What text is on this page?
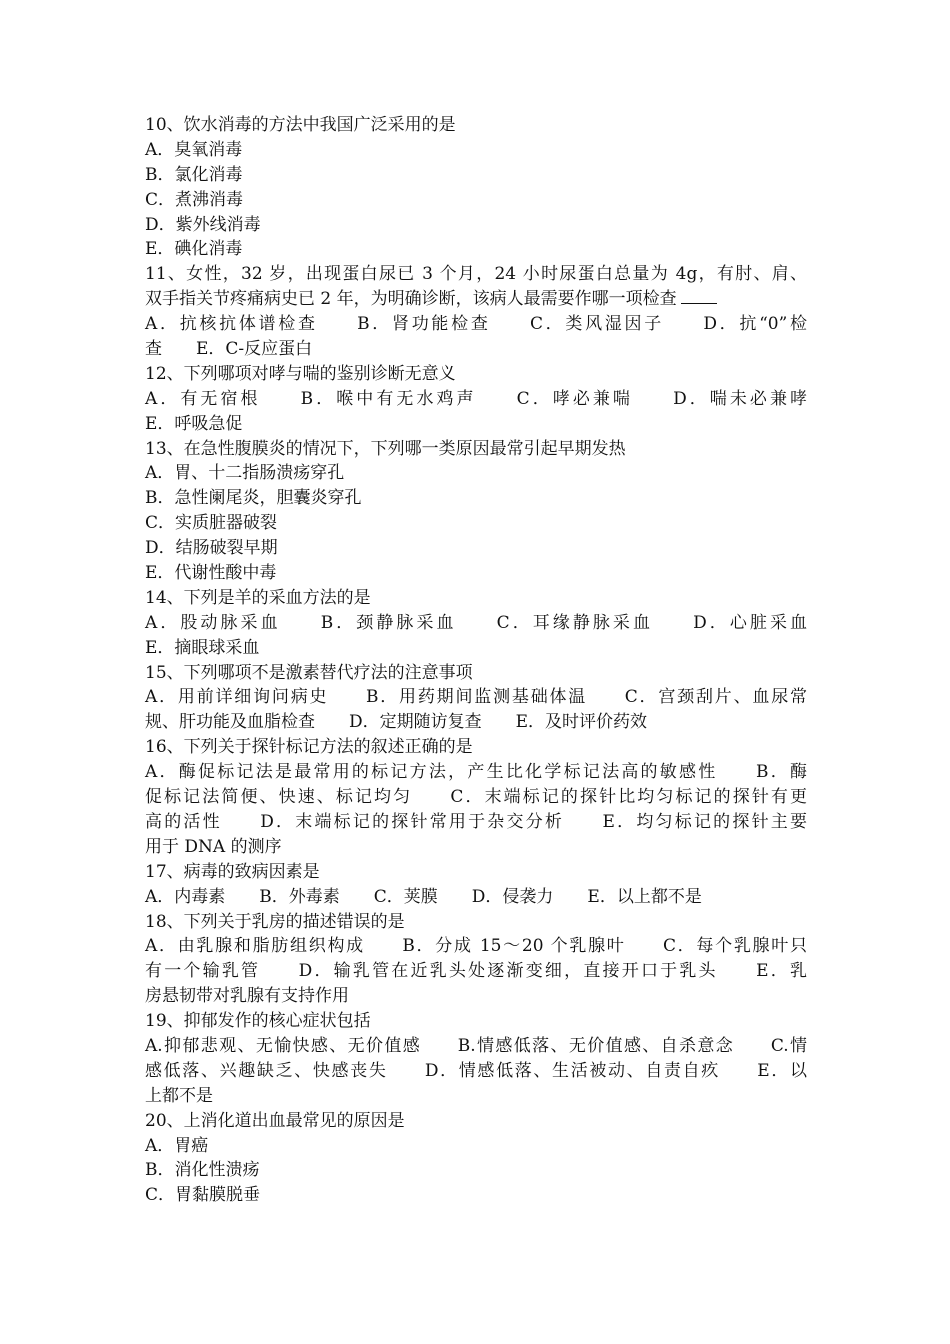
10、饮水消毒的方法中我国广泛采用的是
A．臭氧消毒
B．氯化消毒
C．煮沸消毒
D．紫外线消毒
E．碘化消毒
11、女性，32 岁，出现蛋白尿已 3 个月，24 小时尿蛋白总量为 4g，有肘、肩、
双手指关节疼痛病史已 2 年，为明确诊断，该病人最需要作哪一项检查
A．抗核抗体谱检查　　B．肾功能检查　　C．类风湿因子　　D．抗“0”检
查　　E．C-反应蛋白
12、下列哪项对哮与喘的鉴别诊断无意义
A．有无宿根　　B．喉中有无水鸡声　　C．哮必兼喘　　D．喘未必兼哮
E．呼吸急促
13、在急性腹膜炎的情况下，下列哪一类原因最常引起早期发热
A．胃、十二指肠溃疡穿孔
B．急性阑尾炎，胆囊炎穿孔
C．实质脏器破裂
D．结肠破裂早期
E．代谢性酸中毒
14、下列是羊的采血方法的是
A．股动脉采血　　B．颈静脉采血　　C．耳缘静脉采血　　D．心脏采血
E．摘眼球采血
15、下列哪项不是激素替代疗法的注意事项
A．用前详细询问病史　　B．用药期间监测基础体温　　C．宫颈刮片、血尿常
规、肝功能及血脂检查　　D．定期随访复查　　E．及时评价药效
16、下列关于探针标记方法的叙述正确的是
A．酶促标记法是最常用的标记方法，产生比化学标记法高的敏感性　　B．酶
促标记法简便、快速、标记均匀　　C．末端标记的探针比均匀标记的探针有更
高的活性　　D．末端标记的探针常用于杂交分析　　E．均匀标记的探针主要
用于 DNA 的测序
17、病毒的致病因素是
A．内毒素　　B．外毒素　　C．荚膜　　D．侵袭力　　E．以上都不是
18、下列关于乳房的描述错误的是
A．由乳腺和脂肪组织构成　　B．分成 15～20 个乳腺叶　　C．每个乳腺叶只
有一个输乳管　　D．输乳管在近乳头处逐渐变细，直接开口于乳头　　E．乳
房悬韧带对乳腺有支持作用
19、抑郁发作的核心症状包括
A.抑郁悲观、无愉快感、无价值感　　B.情感低落、无价值感、自杀意念　　C.情
感低落、兴趣缺乏、快感丧失　　D．情感低落、生活被动、自责自疚　　E．以
上都不是
20、上消化道出血最常见的原因是
A．胃癌
B．消化性溃疡
C．胃黏膜脱垂
